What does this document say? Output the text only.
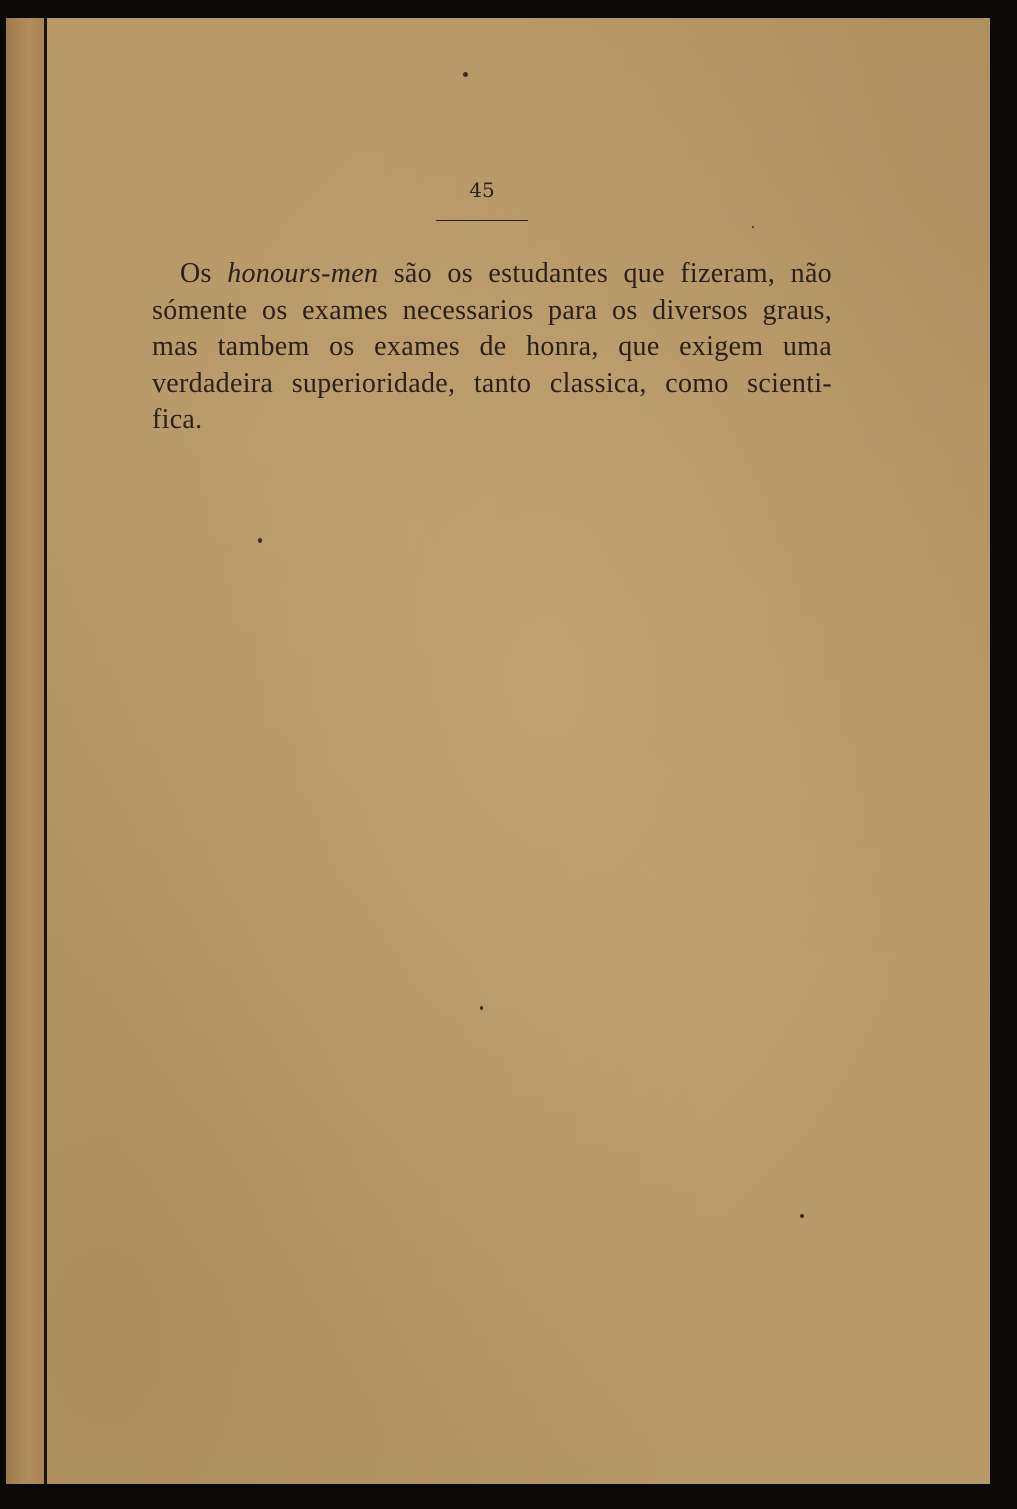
45
Os honours-men são os estudantes que fizeram, não
sómente os exames necessarios para os diversos graus,
mas tambem os exames de honra, que exigem uma
verdadeira superioridade, tanto classica, como scienti-
fica.
